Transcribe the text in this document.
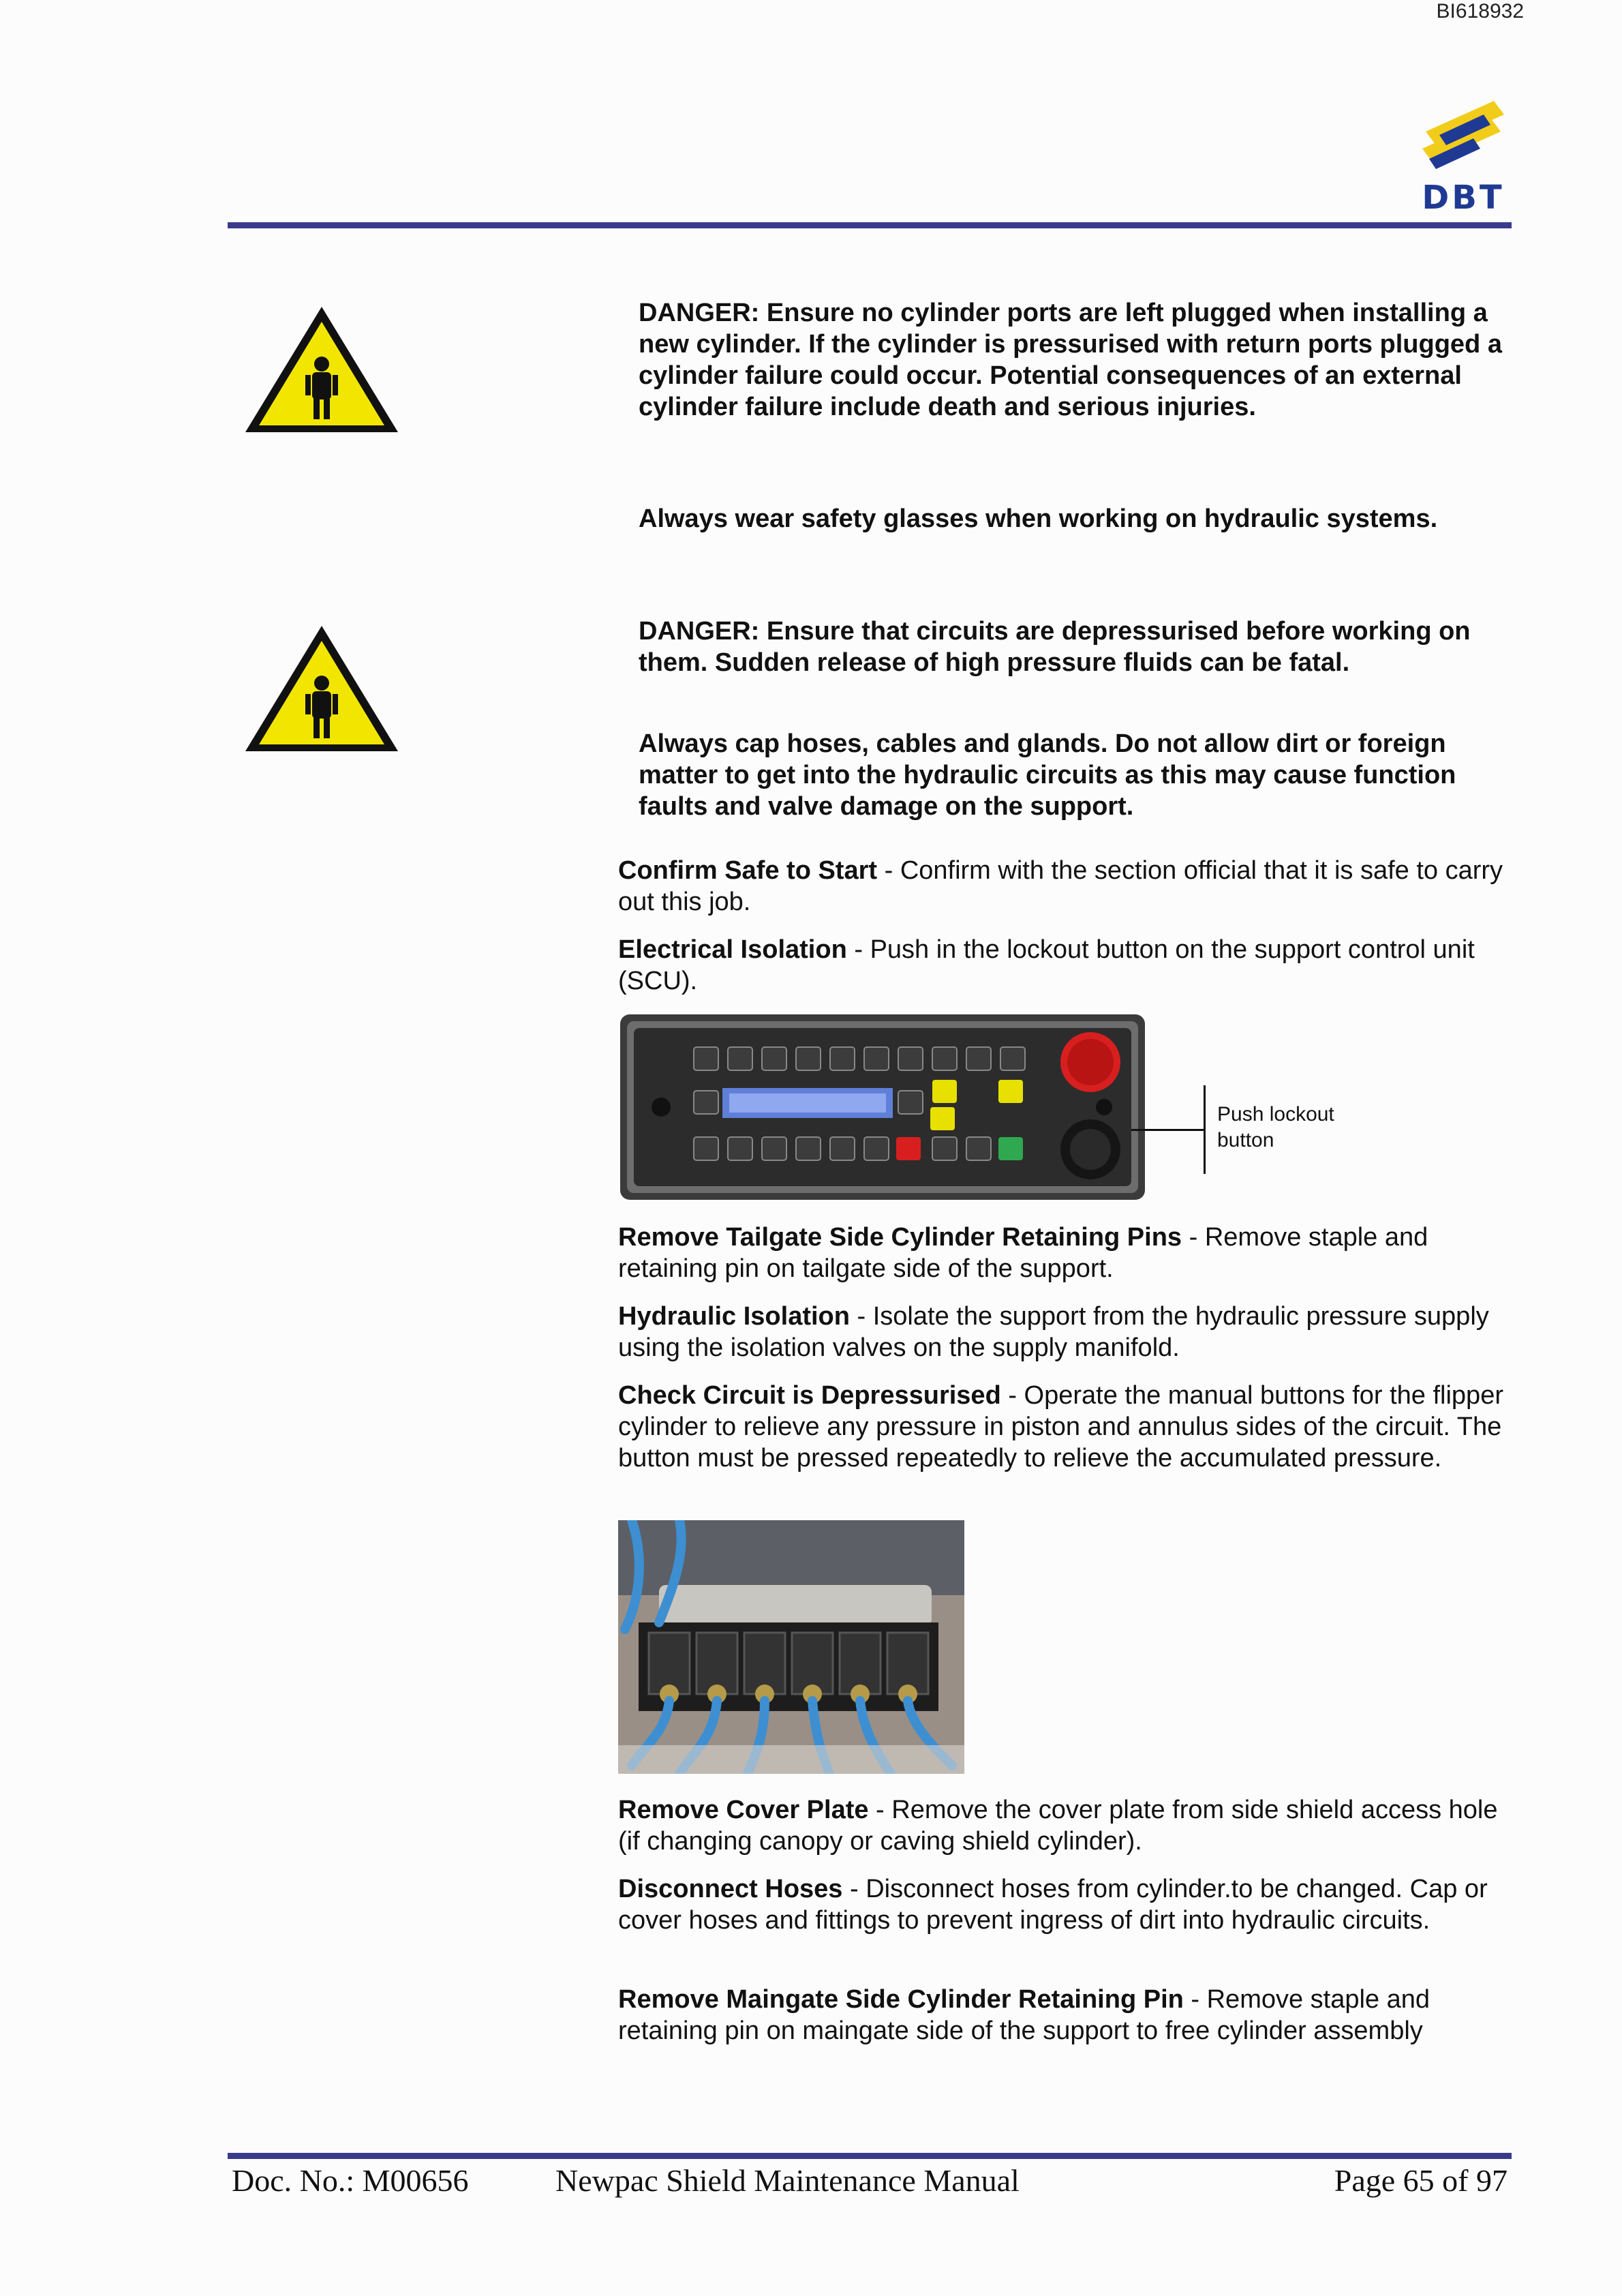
BI618932
DBT

DANGER: Ensure no cylinder ports are left plugged when installing a new cylinder. If the cylinder is pressurised with return ports plugged a cylinder failure could occur. Potential consequences of an external cylinder failure include death and serious injuries.

Always wear safety glasses when working on hydraulic systems.

DANGER: Ensure that circuits are depressurised before working on them. Sudden release of high pressure fluids can be fatal.

Always cap hoses, cables and glands. Do not allow dirt or foreign matter to get into the hydraulic circuits as this may cause function faults and valve damage on the support.

Confirm Safe to Start - Confirm with the section official that it is safe to carry out this job.

Electrical Isolation - Push in the lockout button on the support control unit (SCU).

Push lockout
button

Remove Tailgate Side Cylinder Retaining Pins - Remove staple and retaining pin on tailgate side of the support.

Hydraulic Isolation - Isolate the support from the hydraulic pressure supply using the isolation valves on the supply manifold.

Check Circuit is Depressurised - Operate the manual buttons for the flipper cylinder to relieve any pressure in piston and annulus sides of the circuit. The button must be pressed repeatedly to relieve the accumulated pressure.

Remove Cover Plate - Remove the cover plate from side shield access hole (if changing canopy or caving shield cylinder).

Disconnect Hoses - Disconnect hoses from cylinder.to be changed. Cap or cover hoses and fittings to prevent ingress of dirt into hydraulic circuits.

Remove Maingate Side Cylinder Retaining Pin - Remove staple and retaining pin on maingate side of the support to free cylinder assembly

Doc. No.: M00656	Newpac Shield Maintenance Manual	Page 65 of 97
